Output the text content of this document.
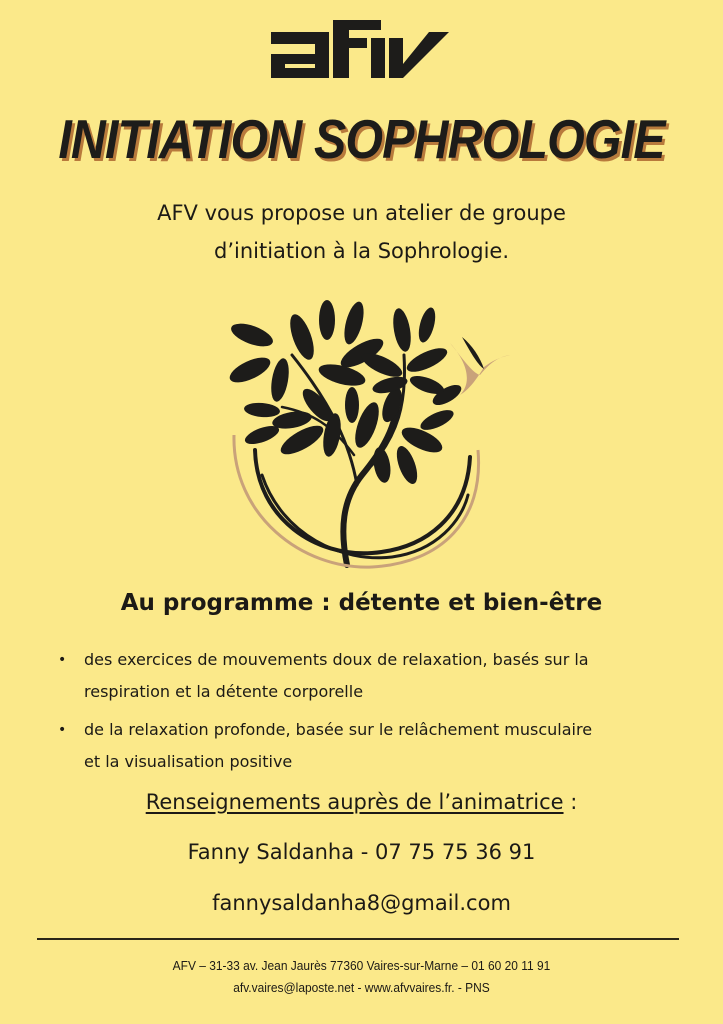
INITIATION SOPHROLOGIE
AFV vous propose un atelier de groupe
d’initiation à la Sophrologie.
Au programme : détente et bien-être
• des exercices de mouvements doux de relaxation, basés sur la
respiration et la détente corporelle
• de la relaxation profonde, basée sur le relâchement musculaire
et la visualisation positive
Renseignements auprès de l’animatrice :
Fanny Saldanha - 07 75 75 36 91
fannysaldanha8@gmail.com
AFV – 31-33 av. Jean Jaurès 77360 Vaires-sur-Marne – 01 60 20 11 91
afv.vaires@laposte.net - www.afvvaires.fr. - PNS
